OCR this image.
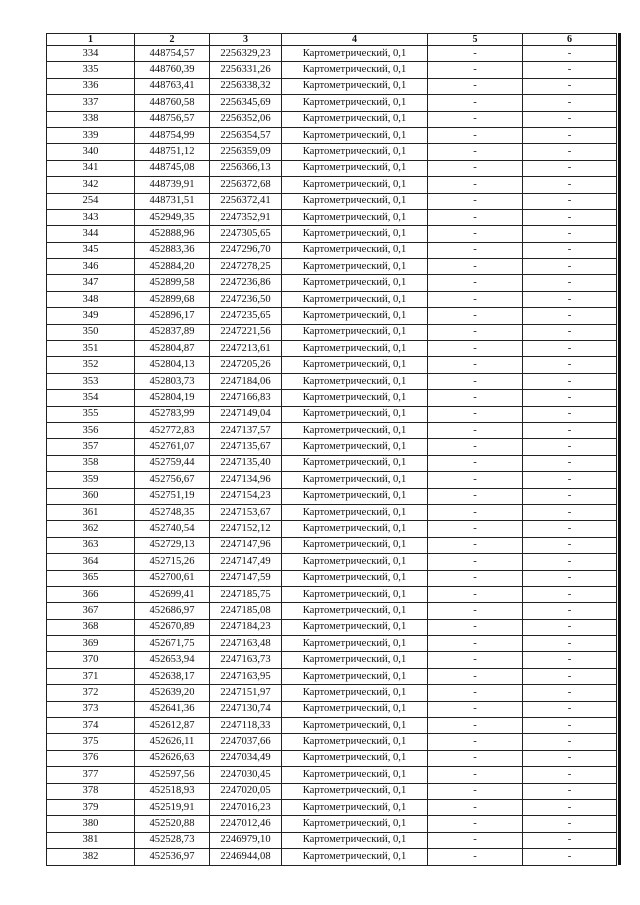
1	2	3	4	5	6
334	448754,57	2256329,23	Картометрический, 0,1	-	-
335	448760,39	2256331,26	Картометрический, 0,1	-	-
336	448763,41	2256338,32	Картометрический, 0,1	-	-
337	448760,58	2256345,69	Картометрический, 0,1	-	-
338	448756,57	2256352,06	Картометрический, 0,1	-	-
339	448754,99	2256354,57	Картометрический, 0,1	-	-
340	448751,12	2256359,09	Картометрический, 0,1	-	-
341	448745,08	2256366,13	Картометрический, 0,1	-	-
342	448739,91	2256372,68	Картометрический, 0,1	-	-
254	448731,51	2256372,41	Картометрический, 0,1	-	-
343	452949,35	2247352,91	Картометрический, 0,1	-	-
344	452888,96	2247305,65	Картометрический, 0,1	-	-
345	452883,36	2247296,70	Картометрический, 0,1	-	-
346	452884,20	2247278,25	Картометрический, 0,1	-	-
347	452899,58	2247236,86	Картометрический, 0,1	-	-
348	452899,68	2247236,50	Картометрический, 0,1	-	-
349	452896,17	2247235,65	Картометрический, 0,1	-	-
350	452837,89	2247221,56	Картометрический, 0,1	-	-
351	452804,87	2247213,61	Картометрический, 0,1	-	-
352	452804,13	2247205,26	Картометрический, 0,1	-	-
353	452803,73	2247184,06	Картометрический, 0,1	-	-
354	452804,19	2247166,83	Картометрический, 0,1	-	-
355	452783,99	2247149,04	Картометрический, 0,1	-	-
356	452772,83	2247137,57	Картометрический, 0,1	-	-
357	452761,07	2247135,67	Картометрический, 0,1	-	-
358	452759,44	2247135,40	Картометрический, 0,1	-	-
359	452756,67	2247134,96	Картометрический, 0,1	-	-
360	452751,19	2247154,23	Картометрический, 0,1	-	-
361	452748,35	2247153,67	Картометрический, 0,1	-	-
362	452740,54	2247152,12	Картометрический, 0,1	-	-
363	452729,13	2247147,96	Картометрический, 0,1	-	-
364	452715,26	2247147,49	Картометрический, 0,1	-	-
365	452700,61	2247147,59	Картометрический, 0,1	-	-
366	452699,41	2247185,75	Картометрический, 0,1	-	-
367	452686,97	2247185,08	Картометрический, 0,1	-	-
368	452670,89	2247184,23	Картометрический, 0,1	-	-
369	452671,75	2247163,48	Картометрический, 0,1	-	-
370	452653,94	2247163,73	Картометрический, 0,1	-	-
371	452638,17	2247163,95	Картометрический, 0,1	-	-
372	452639,20	2247151,97	Картометрический, 0,1	-	-
373	452641,36	2247130,74	Картометрический, 0,1	-	-
374	452612,87	2247118,33	Картометрический, 0,1	-	-
375	452626,11	2247037,66	Картометрический, 0,1	-	-
376	452626,63	2247034,49	Картометрический, 0,1	-	-
377	452597,56	2247030,45	Картометрический, 0,1	-	-
378	452518,93	2247020,05	Картометрический, 0,1	-	-
379	452519,91	2247016,23	Картометрический, 0,1	-	-
380	452520,88	2247012,46	Картометрический, 0,1	-	-
381	452528,73	2246979,10	Картометрический, 0,1	-	-
382	452536,97	2246944,08	Картометрический, 0,1	-	-
